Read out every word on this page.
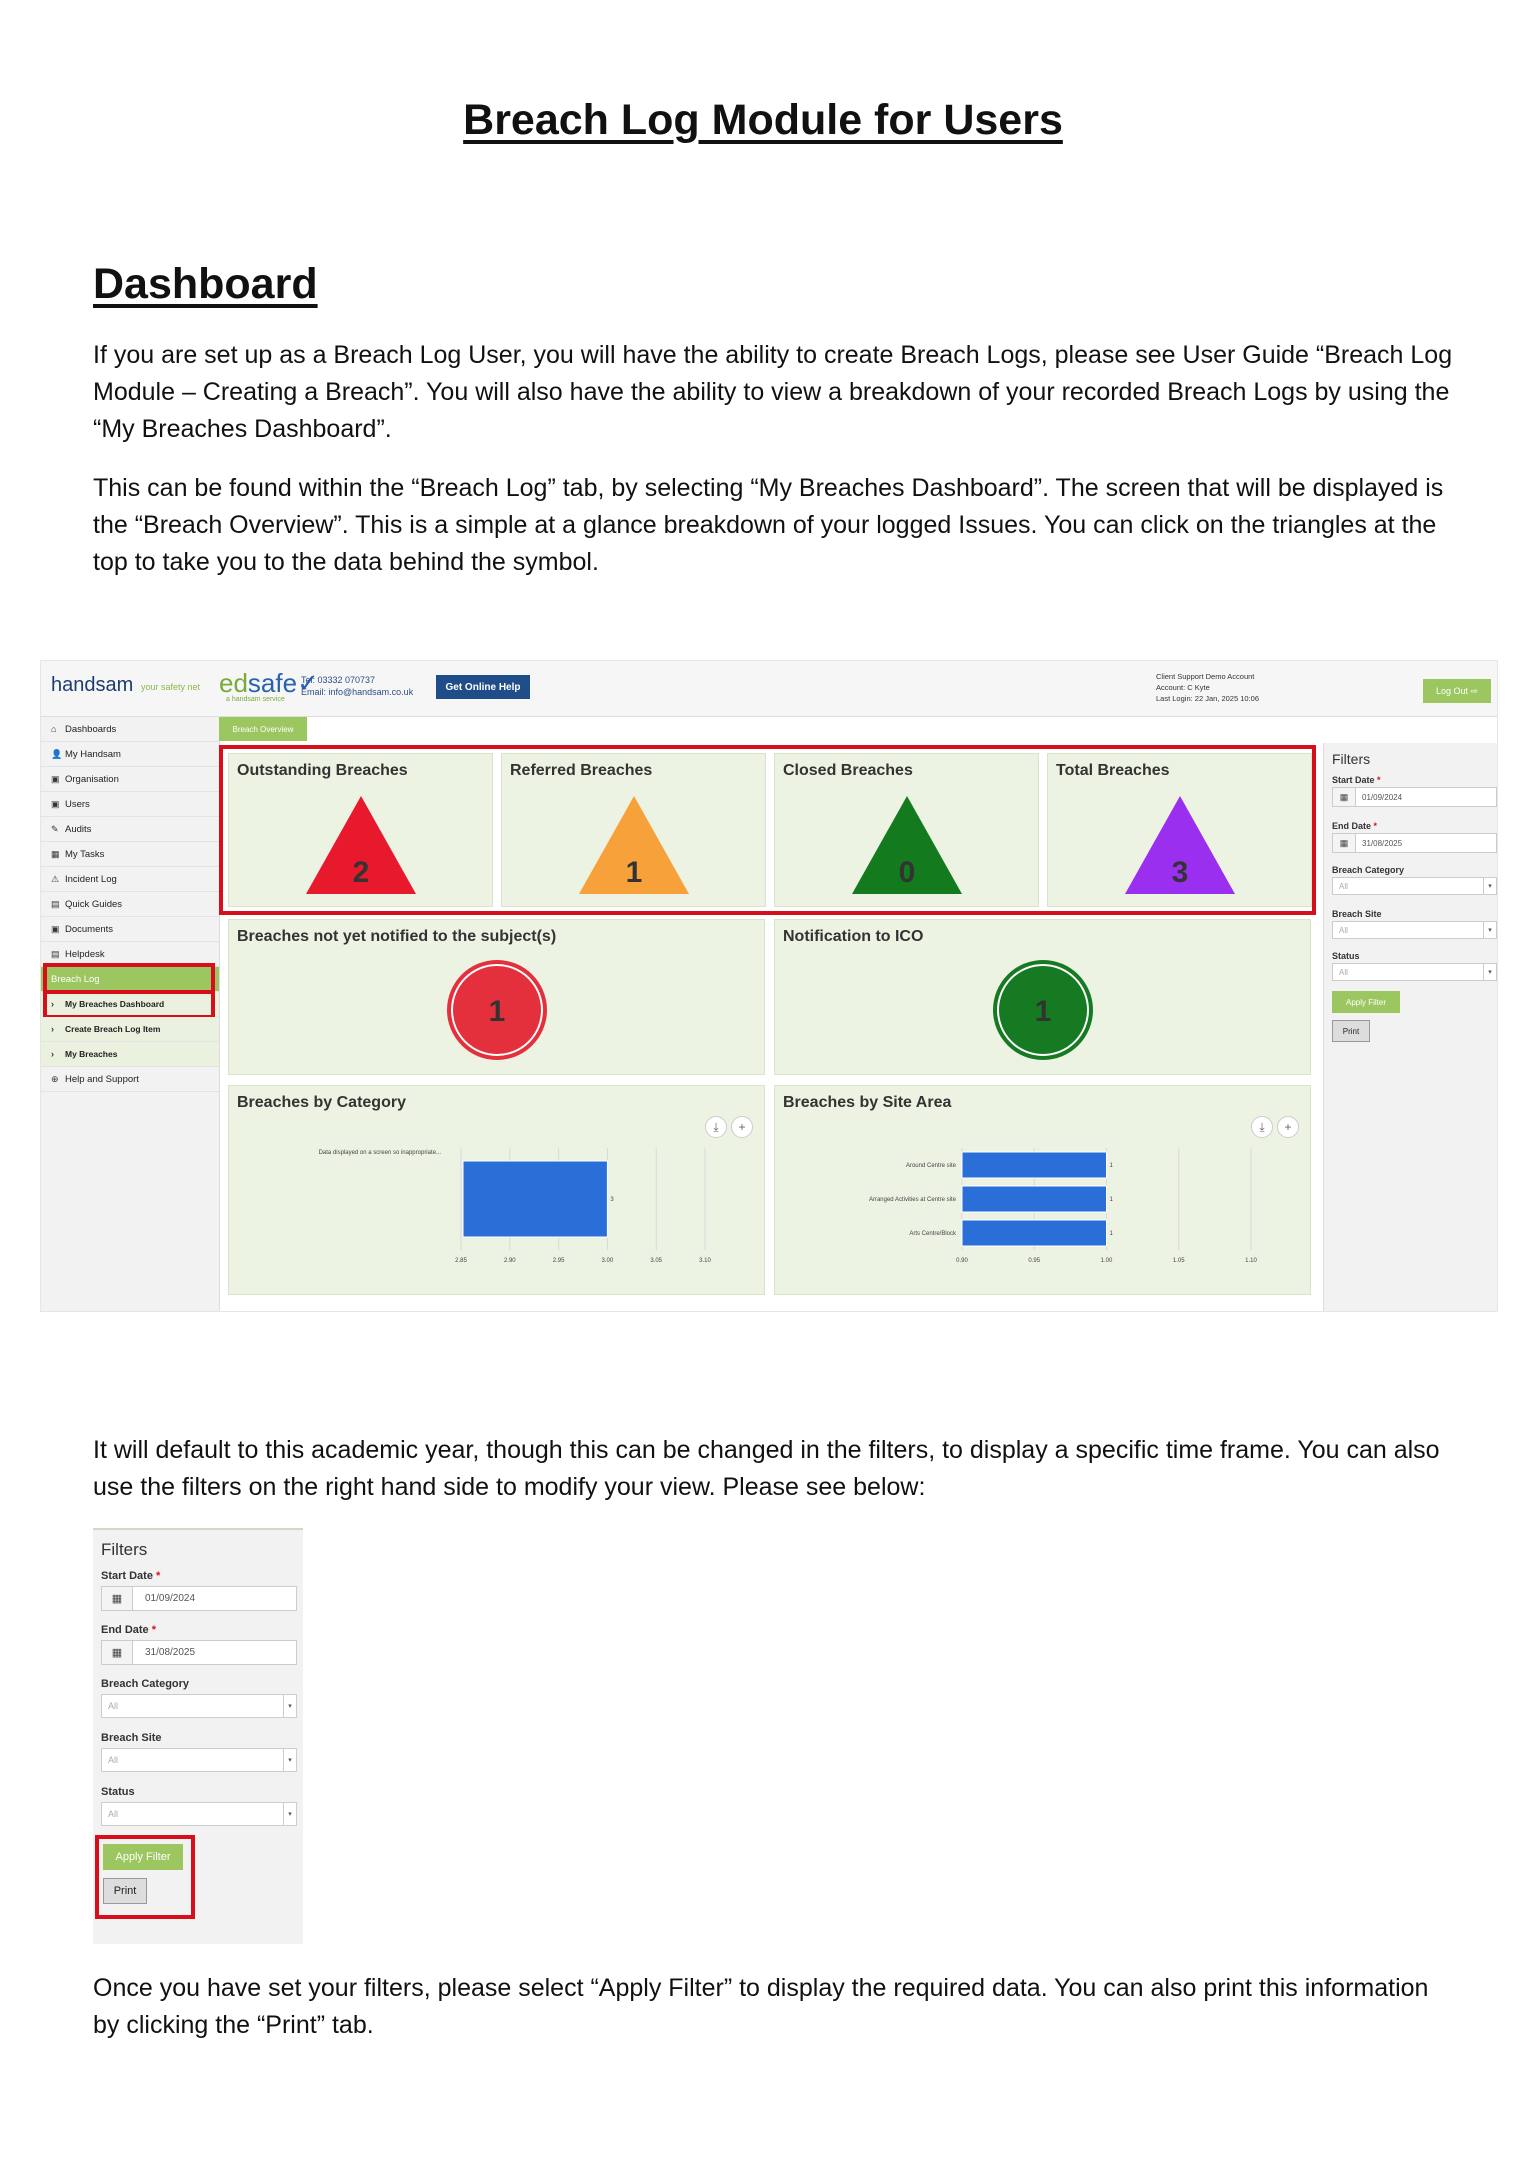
Breach Log Module for Users
Dashboard
If you are set up as a Breach Log User, you will have the ability to create Breach Logs, please see User Guide “Breach Log Module – Creating a Breach”. You will also have the ability to view a breakdown of your recorded Breach Logs by using the “My Breaches Dashboard”.
This can be found within the “Breach Log” tab, by selecting “My Breaches Dashboard”. The screen that will be displayed is the “Breach Overview”. This is a simple at a glance breakdown of your logged Issues. You can click on the triangles at the top to take you to the data behind the symbol.
handsam your safety net edsafe✓
a handsam service
Tel: 03332 070737
Email: info@handsam.co.uk	Get Online Help
Client Support Demo Account
Account: C Kyte
Last Login: 22 Jan, 2025 10:06
Log Out ⇨
⌂ Dashboards
👤 My Handsam
▣ Organisation
▣ Users
✎ Audits
▦ My Tasks
⚠ Incident Log
▤ Quick Guides
▣ Documents
▤ Helpdesk
Breach Log
›	My Breaches Dashboard
›	Create Breach Log Item
›	My Breaches
⊕ Help and Support
Breach Overview
Breaches by Category
⤓	+
2.85	2.90	2.95	3.00	3.05	3.10
Data displayed on a screen so inappropriate...
3
Breaches by Site Area
⤓	+
0.90	0.95	1.00	1.05	1.10
Around Centre site	1
Arranged Activities at Centre site	1
Arts Centre/Block	1
Filters
Start Date *
▦	01/09/2024
End Date *
▦	31/08/2025
Breach Category
All	▾
Breach Site
All	▾
Status
All	▾
Apply Filter
Print
Outstanding Breaches
2
Referred Breaches
1
Closed Breaches
0
Total Breaches
3
Breaches not yet notified to the subject(s)
1
Notification to ICO
1
It will default to this academic year, though this can be changed in the filters, to display a specific time frame. You can also use the filters on the right hand side to modify your view. Please see below:
Filters
Start Date *
▦	01/09/2024
End Date *
▦	31/08/2025
Breach Category
All	▾
Breach Site
All	▾
Status
All	▾
Apply Filter
Print
Once you have set your filters, please select “Apply Filter” to display the required data. You can also print this information by clicking the “Print” tab.
